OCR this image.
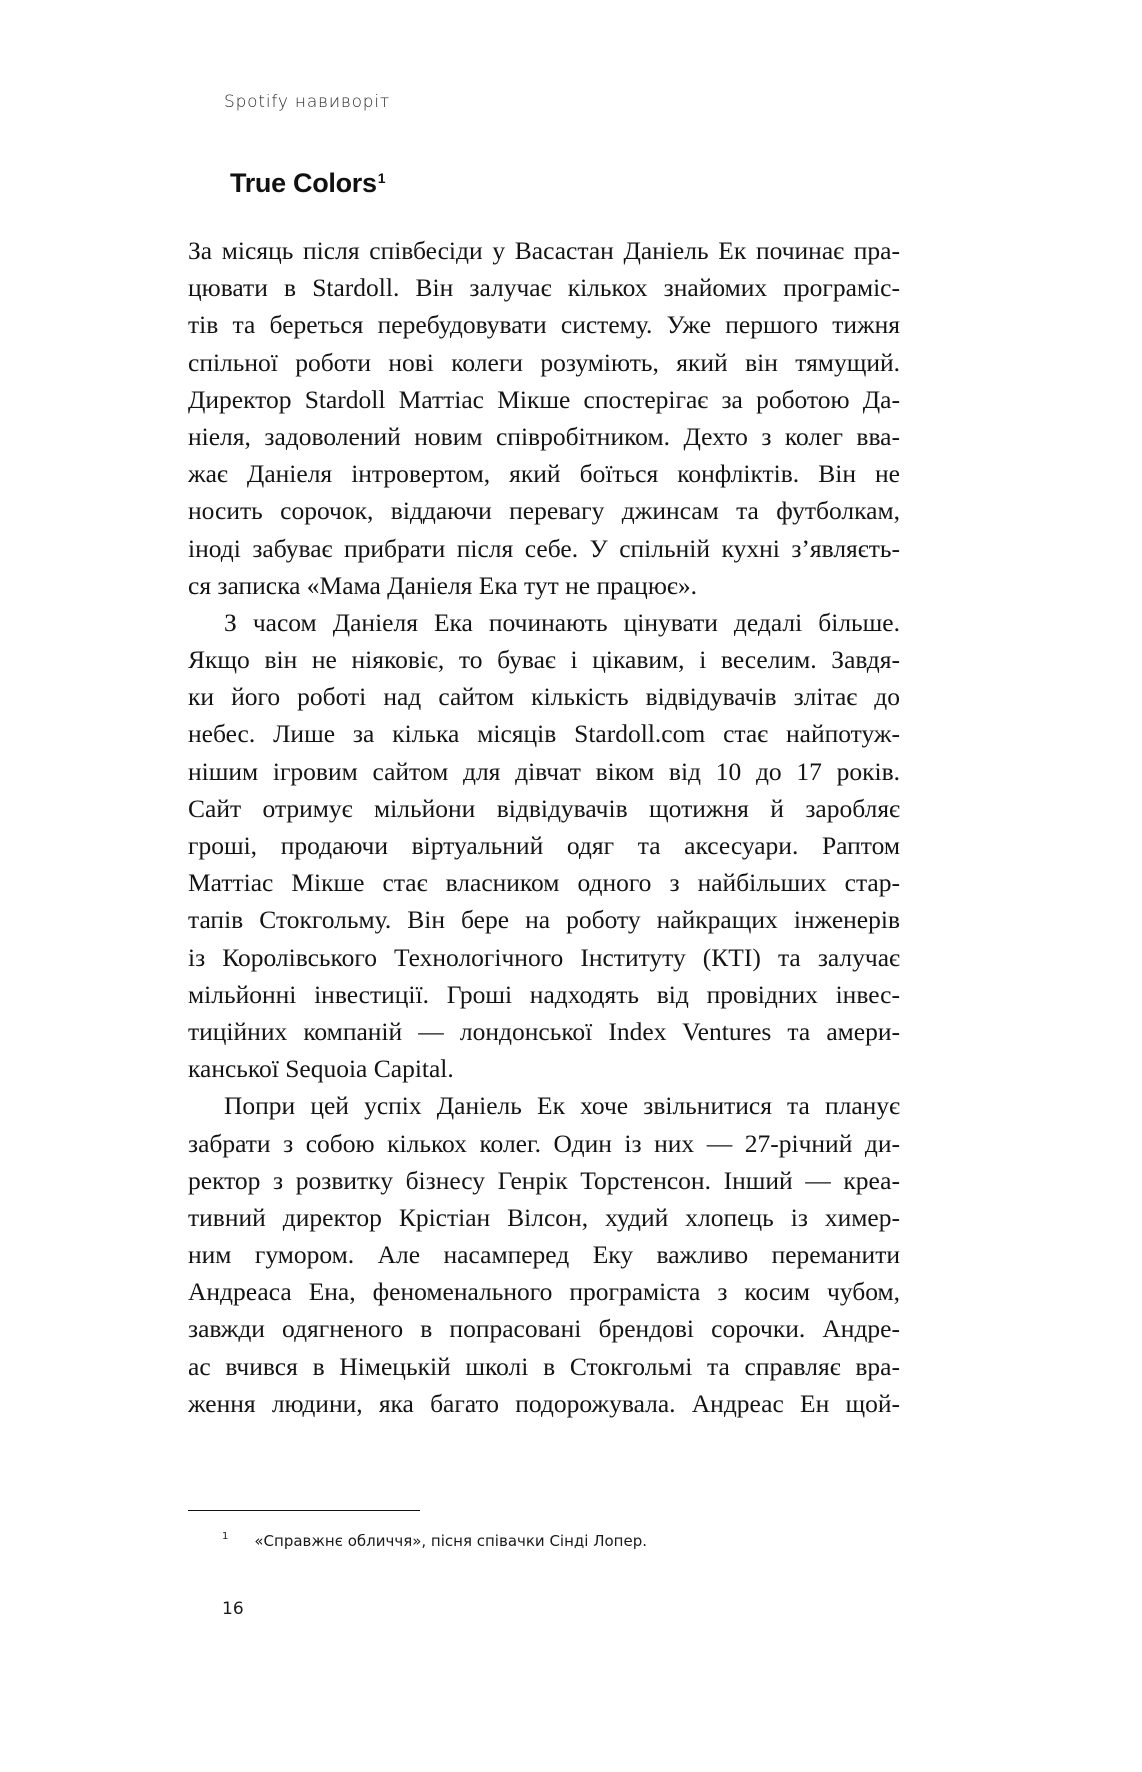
Spotify навиворіт
True Colors$^1$
За місяць після співбесіди у Васастан Даніель Ек починає пра-
цювати в Stardoll. Він залучає кількох знайомих програміс-
тів та береться перебудовувати систему. Уже першого тижня
спільної роботи нові колеги розуміють, який він тямущий.
Директор Stardoll Маттіас Мікше спостерігає за роботою Да-
ніеля, задоволений новим співробітником. Дехто з колег вва-
жає Даніеля інтровертом, який боїться конфліктів. Він не
носить сорочок, віддаючи перевагу джинсам та футболкам,
іноді забуває прибрати після себе. У спільній кухні з’являєть-
ся записка «Мама Даніеля Ека тут не працює».
З часом Даніеля Ека починають цінувати дедалі більше.
Якщо він не ніяковіє, то буває і цікавим, і веселим. Завдя-
ки його роботі над сайтом кількість відвідувачів злітає до
небес. Лише за кілька місяців Stardoll.com стає найпотуж-
нішим ігровим сайтом для дівчат віком від 10 до 17 років.
Сайт отримує мільйони відвідувачів щотижня й заробляє
гроші, продаючи віртуальний одяг та аксесуари. Раптом
Маттіас Мікше стає власником одного з найбільших стар-
тапів Стокгольму. Він бере на роботу найкращих інженерів
із Королівського Технологічного Інституту (КТІ) та залучає
мільйонні інвестиції. Гроші надходять від провідних інвес-
тиційних компаній — лондонської Index Ventures та амери-
канської Sequoia Capital.
Попри цей успіх Даніель Ек хоче звільнитися та планує
забрати з собою кількох колег. Один із них — 27-річний ди-
ректор з розвитку бізнесу Генрік Торстенсон. Інший — креа-
тивний директор Крістіан Вілсон, худий хлопець із химер-
ним гумором. Але насамперед Еку важливо переманити
Андреаса Ена, феноменального програміста з косим чубом,
завжди одягненого в попрасовані брендові сорочки. Андре-
ас вчився в Німецькій школі в Стокгольмі та справляє вра-
ження людини, яка багато подорожувала. Андреас Ен щой-
$^1$ «Справжнє обличчя», пісня співачки Сінді Лопер.
16
